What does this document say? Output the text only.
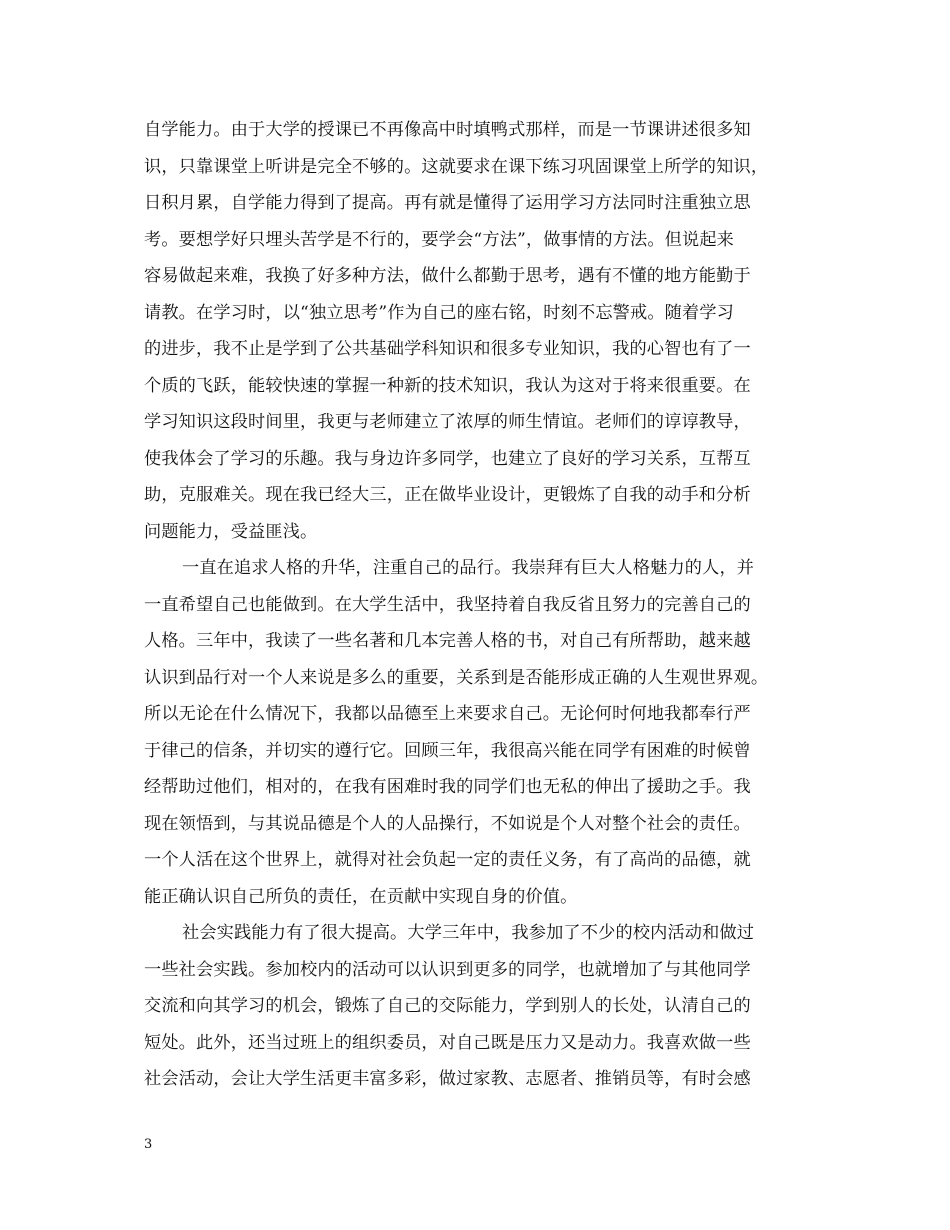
自学能力。由于大学的授课已不再像高中时填鸭式那样，而是一节课讲述很多知
识，只靠课堂上听讲是完全不够的。这就要求在课下练习巩固课堂上所学的知识，
日积月累，自学能力得到了提高。再有就是懂得了运用学习方法同时注重独立思
考。要想学好只埋头苦学是不行的，要学会“方法”，做事情的方法。但说起来
容易做起来难，我换了好多种方法，做什么都勤于思考，遇有不懂的地方能勤于
请教。在学习时，以“独立思考”作为自己的座右铭，时刻不忘警戒。随着学习
的进步，我不止是学到了公共基础学科知识和很多专业知识，我的心智也有了一
个质的飞跃，能较快速的掌握一种新的技术知识，我认为这对于将来很重要。在
学习知识这段时间里，我更与老师建立了浓厚的师生情谊。老师们的谆谆教导，
使我体会了学习的乐趣。我与身边许多同学，也建立了良好的学习关系，互帮互
助，克服难关。现在我已经大三，正在做毕业设计，更锻炼了自我的动手和分析
问题能力，受益匪浅。
一直在追求人格的升华，注重自己的品行。我崇拜有巨大人格魅力的人，并
一直希望自己也能做到。在大学生活中，我坚持着自我反省且努力的完善自己的
人格。三年中，我读了一些名著和几本完善人格的书，对自己有所帮助，越来越
认识到品行对一个人来说是多么的重要，关系到是否能形成正确的人生观世界观。
所以无论在什么情况下，我都以品德至上来要求自己。无论何时何地我都奉行严
于律己的信条，并切实的遵行它。回顾三年，我很高兴能在同学有困难的时候曾
经帮助过他们，相对的，在我有困难时我的同学们也无私的伸出了援助之手。我
现在领悟到，与其说品德是个人的人品操行，不如说是个人对整个社会的责任。
一个人活在这个世界上，就得对社会负起一定的责任义务，有了高尚的品德，就
能正确认识自己所负的责任，在贡献中实现自身的价值。
社会实践能力有了很大提高。大学三年中，我参加了不少的校内活动和做过
一些社会实践。参加校内的活动可以认识到更多的同学，也就增加了与其他同学
交流和向其学习的机会，锻炼了自己的交际能力，学到别人的长处，认清自己的
短处。此外，还当过班上的组织委员，对自己既是压力又是动力。我喜欢做一些
社会活动，会让大学生活更丰富多彩，做过家教、志愿者、推销员等，有时会感
3
